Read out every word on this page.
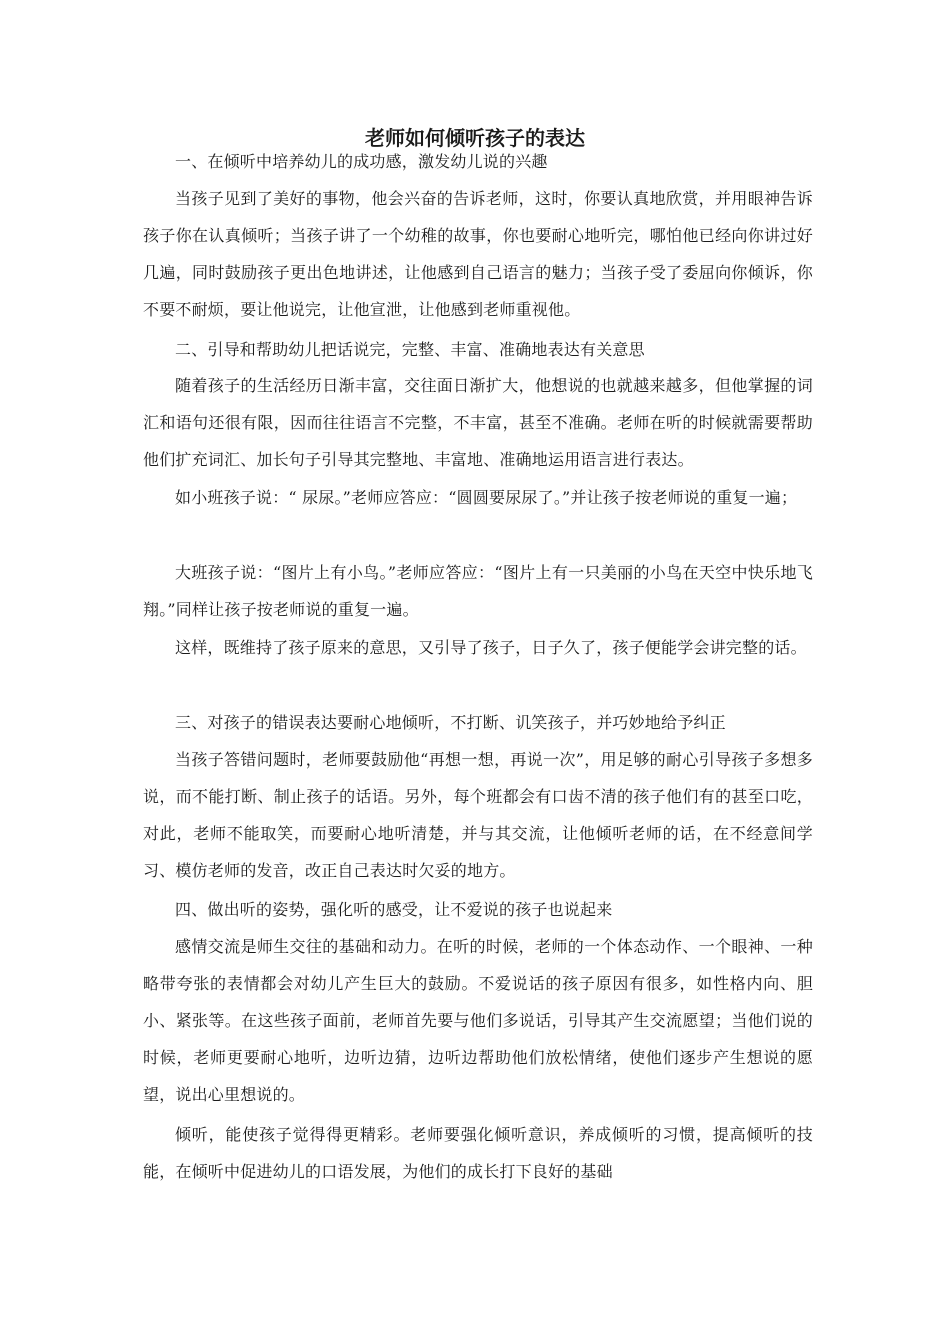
老师如何倾听孩子的表达

一、在倾听中培养幼儿的成功感，激发幼儿说的兴趣

当孩子见到了美好的事物，他会兴奋的告诉老师，这时，你要认真地欣赏，并用眼神告诉孩子你在认真倾听；当孩子讲了一个幼稚的故事，你也要耐心地听完，哪怕他已经向你讲过好几遍，同时鼓励孩子更出色地讲述，让他感到自己语言的魅力；当孩子受了委屈向你倾诉，你不要不耐烦，要让他说完，让他宣泄，让他感到老师重视他。

二、引导和帮助幼儿把话说完，完整、丰富、准确地表达有关意思

随着孩子的生活经历日渐丰富，交往面日渐扩大，他想说的也就越来越多，但他掌握的词汇和语句还很有限，因而往往语言不完整，不丰富，甚至不准确。老师在听的时候就需要帮助他们扩充词汇、加长句子引导其完整地、丰富地、准确地运用语言进行表达。

如小班孩子说：“ 尿尿。”老师应答应：“圆圆要尿尿了。”并让孩子按老师说的重复一遍；

大班孩子说：“图片上有小鸟。”老师应答应：“图片上有一只美丽的小鸟在天空中快乐地飞翔。”同样让孩子按老师说的重复一遍。

这样，既维持了孩子原来的意思，又引导了孩子，日子久了，孩子便能学会讲完整的话。

三、对孩子的错误表达要耐心地倾听，不打断、讥笑孩子，并巧妙地给予纠正

当孩子答错问题时，老师要鼓励他“再想一想，再说一次”，用足够的耐心引导孩子多想多说，而不能打断、制止孩子的话语。另外，每个班都会有口齿不清的孩子他们有的甚至口吃，对此，老师不能取笑，而要耐心地听清楚，并与其交流，让他倾听老师的话，在不经意间学习、模仿老师的发音，改正自己表达时欠妥的地方。

四、做出听的姿势，强化听的感受，让不爱说的孩子也说起来

感情交流是师生交往的基础和动力。在听的时候，老师的一个体态动作、一个眼神、一种略带夸张的表情都会对幼儿产生巨大的鼓励。不爱说话的孩子原因有很多，如性格内向、胆小、紧张等。在这些孩子面前，老师首先要与他们多说话，引导其产生交流愿望；当他们说的时候，老师更要耐心地听，边听边猜，边听边帮助他们放松情绪，使他们逐步产生想说的愿望，说出心里想说的。

倾听，能使孩子觉得得更精彩。老师要强化倾听意识，养成倾听的习惯，提高倾听的技能，在倾听中促进幼儿的口语发展，为他们的成长打下良好的基础
